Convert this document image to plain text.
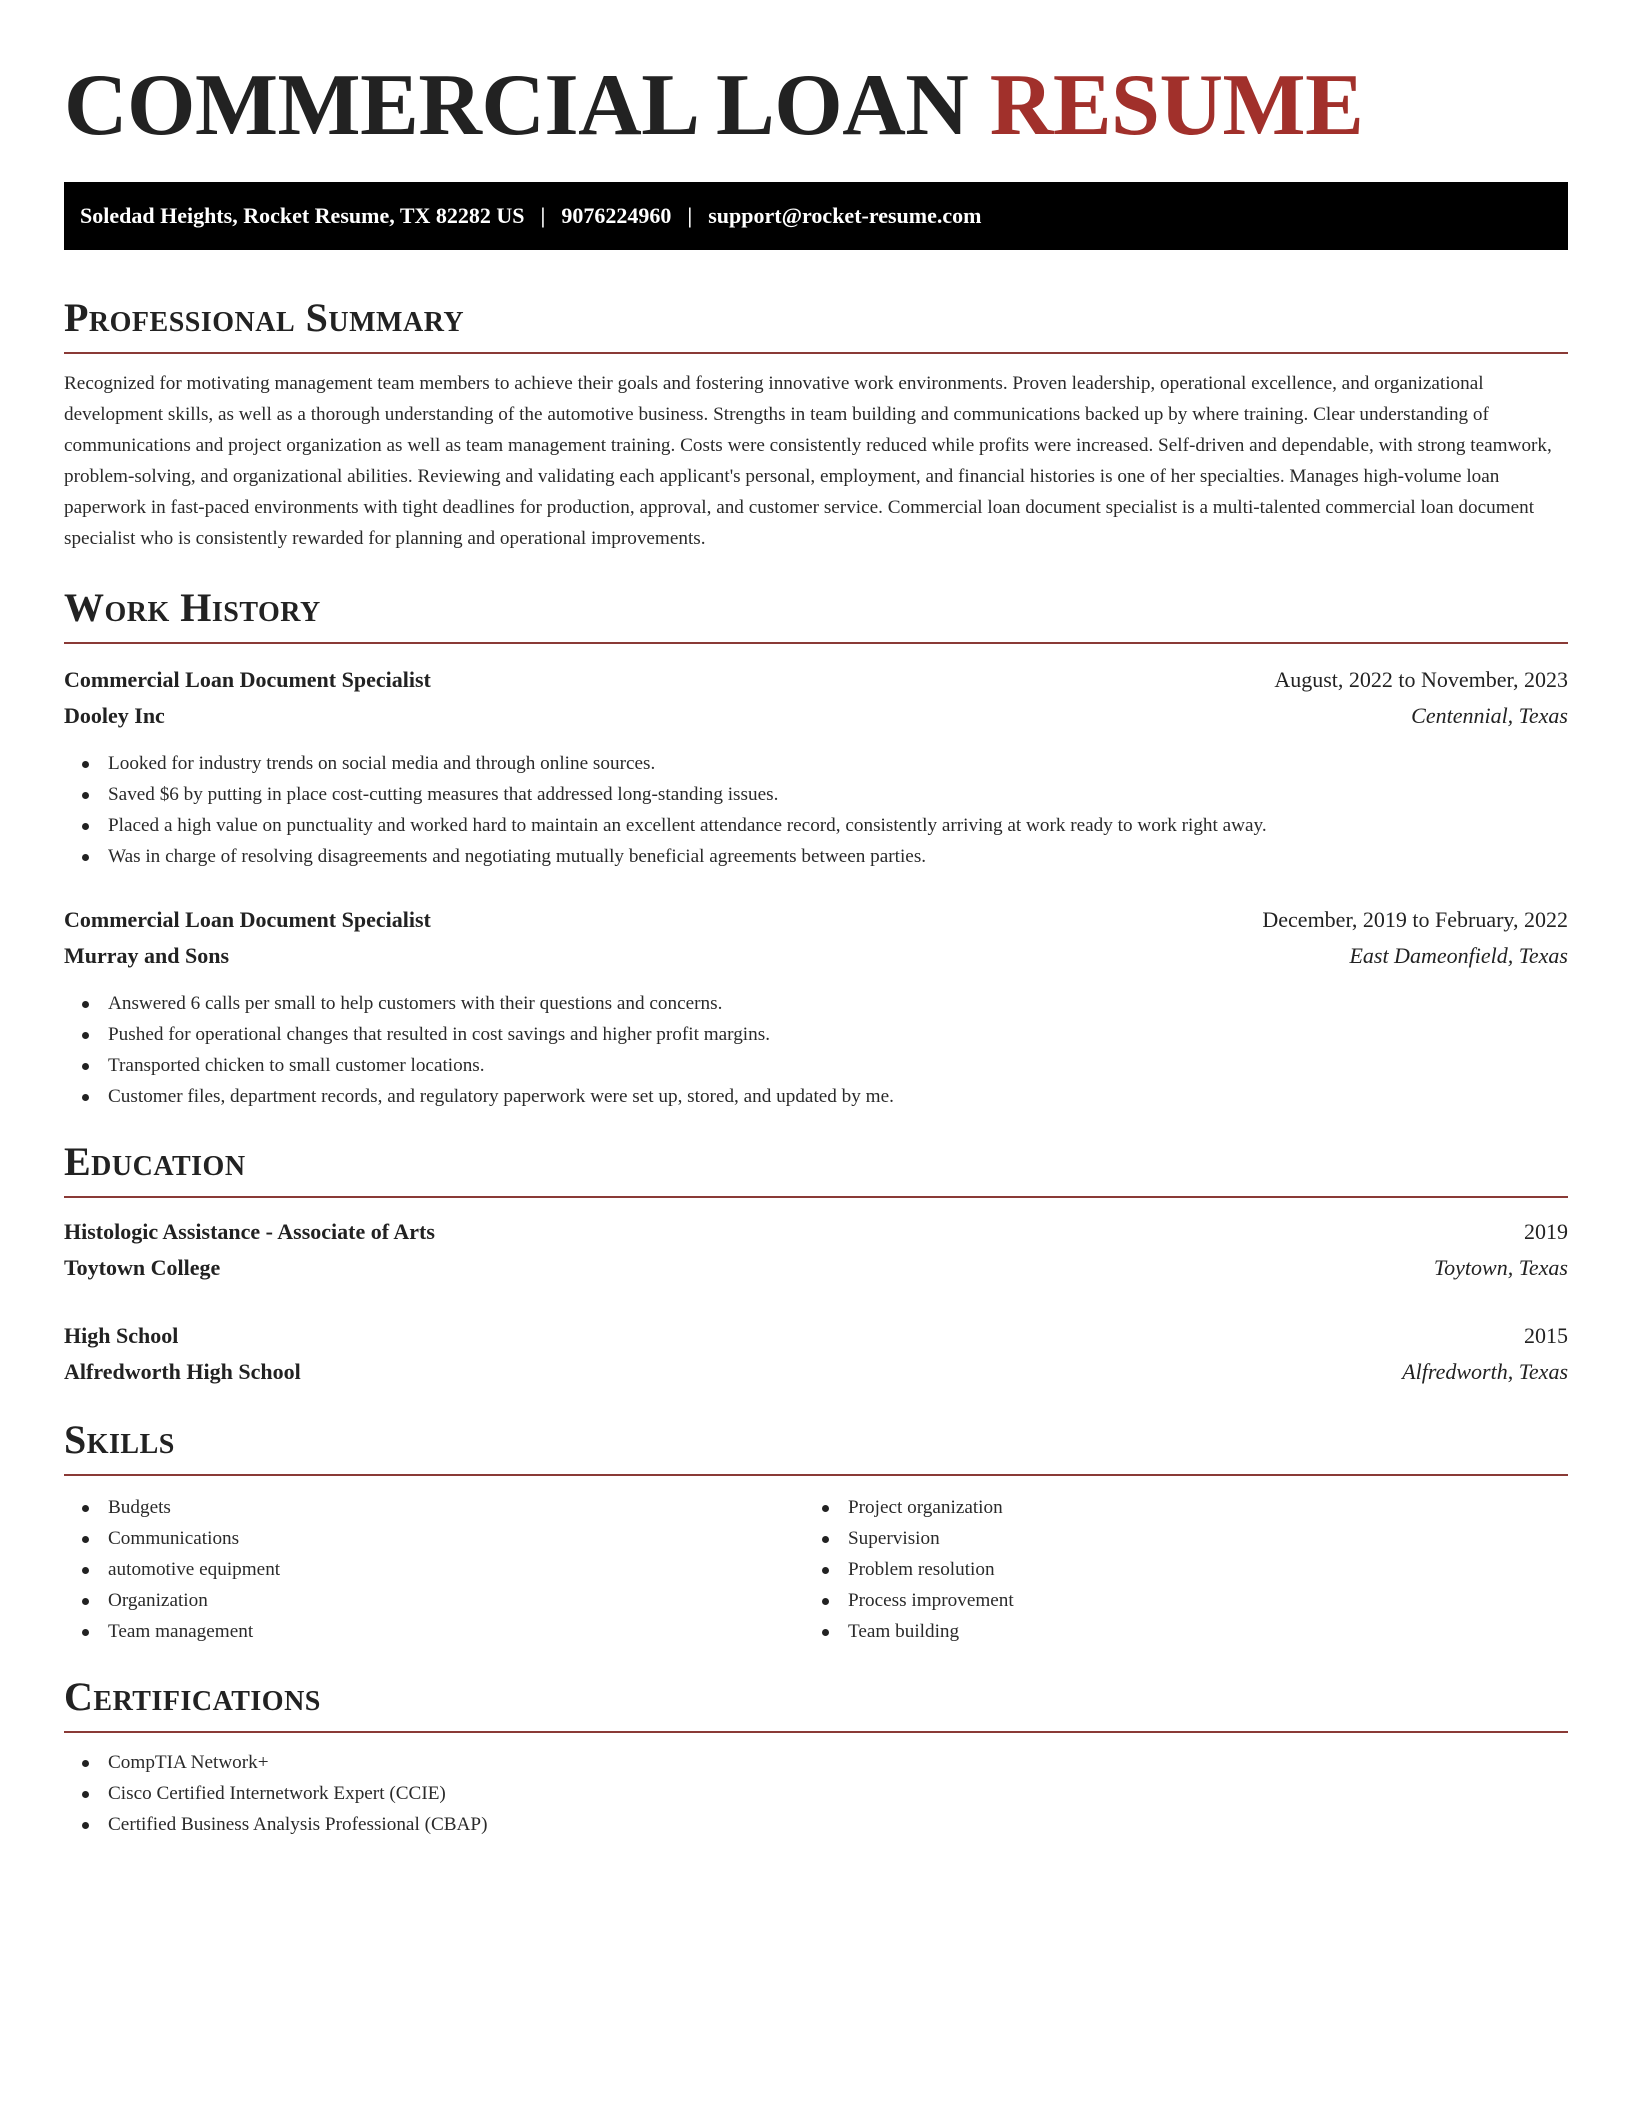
COMMERCIAL LOAN RESUME
Soledad Heights, Rocket Resume, TX 82282 US | 9076224960 | support@rocket-resume.com
Professional Summary

Recognized for motivating management team members to achieve their goals and fostering innovative work environments. Proven leadership, operational excellence, and organizational development skills, as well as a thorough understanding of the automotive business. Strengths in team building and communications backed up by where training. Clear understanding of communications and project organization as well as team management training. Costs were consistently reduced while profits were increased. Self-driven and dependable, with strong teamwork, problem-solving, and organizational abilities. Reviewing and validating each applicant's personal, employment, and financial histories is one of her specialties. Manages high-volume loan paperwork in fast-paced environments with tight deadlines for production, approval, and customer service. Commercial loan document specialist is a multi-talented commercial loan document specialist who is consistently rewarded for planning and operational improvements.

Work History
Commercial Loan Document Specialist	August, 2022 to November, 2023
Dooley Inc	Centennial, Texas
Looked for industry trends on social media and through online sources.
Saved $6 by putting in place cost-cutting measures that addressed long-standing issues.
Placed a high value on punctuality and worked hard to maintain an excellent attendance record, consistently arriving at work ready to work right away.
Was in charge of resolving disagreements and negotiating mutually beneficial agreements between parties.
Commercial Loan Document Specialist	December, 2019 to February, 2022
Murray and Sons	East Dameonfield, Texas
Answered 6 calls per small to help customers with their questions and concerns.
Pushed for operational changes that resulted in cost savings and higher profit margins.
Transported chicken to small customer locations.
Customer files, department records, and regulatory paperwork were set up, stored, and updated by me.
Education
Histologic Assistance - Associate of Arts	2019
Toytown College	Toytown, Texas
High School	2015
Alfredworth High School	Alfredworth, Texas
Skills
Budgets
Communications
automotive equipment
Organization
Team management
Project organization
Supervision
Problem resolution
Process improvement
Team building
Certifications
CompTIA Network+
Cisco Certified Internetwork Expert (CCIE)
Certified Business Analysis Professional (CBAP)
